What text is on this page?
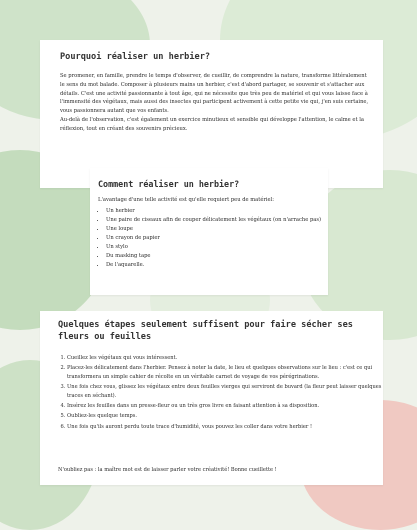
Pourquoi réaliser un herbier?

Se promener, en famille, prendre le temps d'observer, de cueillir, de comprendre la nature, transforme littéralement le sens du mot balade. Composer à plusieurs mains un herbier, c'est d'abord partager, se souvenir et s'attacher aux détails. C'est une activité passionnante à tout âge, qui ne nécessite que très peu de matériel et qui vous laisse face à l'immensité des végétaux, mais aussi des insectes qui participent activement à cette petite vie qui, j'en suis certaine, vous passionnera autant que vos enfants.

Au-delà de l'observation, c'est également un exercice minutieux et sensible qui développe l'attention, le calme et la réflexion, tout en créant des souvenirs précieux.

Comment réaliser un herbier?
L'avantage d'une telle activité est qu'elle requiert peu de matériel:
• Un herbier
• Une paire de ciseaux afin de couper délicatement les végétaux (on n'arrache pas)
• Une loupe
• Un crayon de papier
• Un stylo
• Du masking tape
• De l'aquarelle.
Quelques étapes seulement suffisent pour faire sécher ses fleurs ou feuilles
1. Cueillez les végétaux qui vous intéressent.
2. Placez-les délicatement dans l'herbier. Pensez à noter la date, le lieu et quelques observations sur le lieu : c'est ce qui transformera un simple cahier de récolte en un véritable carnet de voyage de vos pérégrinations.
3. Une fois chez vous, glissez les végétaux entre deux feuilles vierges qui serviront de buvard (la fleur peut laisser quelques traces en séchant).
4. Insérez les feuilles dans un presse-fleur ou un très gros livre en faisant attention à sa disposition.
5. Oubliez-les quelque temps.
6. Une fois qu'ils auront perdu toute trace d'humidité, vous pouvez les coller dans votre herbier !

N'oubliez pas : la maître mot est de laisser parler votre créativité! Bonne cueillette !
